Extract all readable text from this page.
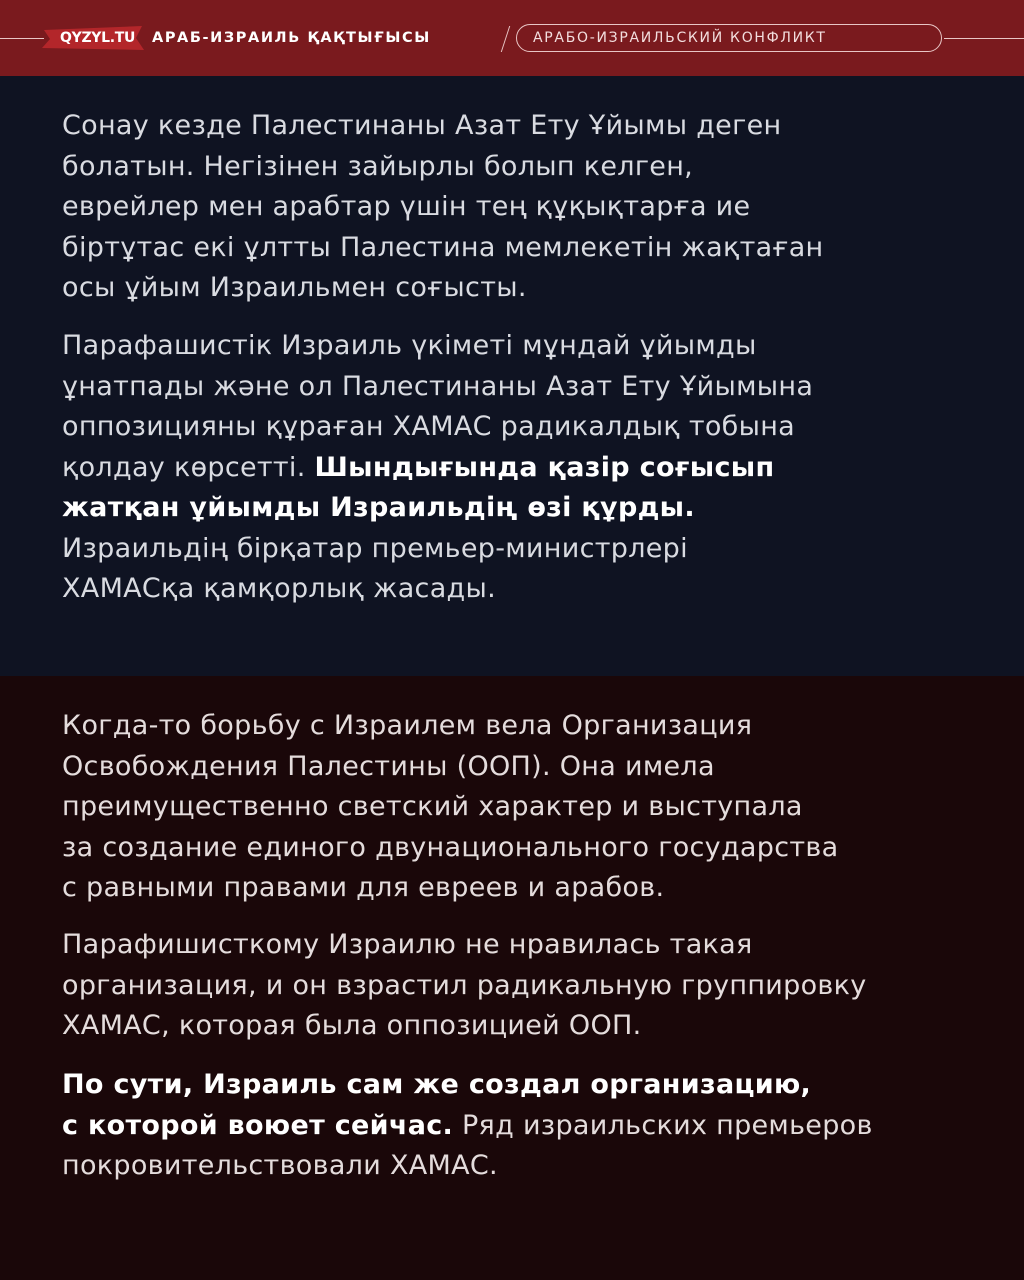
QYZYL.TU АРАБ-ИЗРАИЛЬ ҚАҚТЫҒЫСЫ	АРАБО-ИЗРАИЛЬСКИЙ КОНФЛИКТ

Сонау кезде Палестинаны Азат Ету Ұйымы деген
болатын. Негізінен зайырлы болып келген,
еврейлер мен арабтар үшін тең құқықтарға ие
біртұтас екі ұлтты Палестина мемлекетін жақтаған
осы ұйым Израильмен соғысты.

Парафашистік Израиль үкіметі мұндай ұйымды
ұнатпады және ол Палестинаны Азат Ету Ұйымына
оппозицияны құраған ХАМАС радикалдық тобына
қолдау көрсетті. Шындығында қазір соғысып
жатқан ұйымды Израильдің өзі құрды.
Израильдің бірқатар премьер-министрлері
ХАМАСқа қамқорлық жасады.

Когда-то борьбу с Израилем вела Организация
Освобождения Палестины (ООП). Она имела
преимущественно светский характер и выступала
за создание единого двунационального государства
с равными правами для евреев и арабов.

Парафишисткому Израилю не нравилась такая
организация, и он взрастил радикальную группировку
ХАМАС, которая была оппозицией ООП.

По сути, Израиль сам же создал организацию,
с которой воюет сейчас. Ряд израильских премьеров
покровительствовали ХАМАС.
